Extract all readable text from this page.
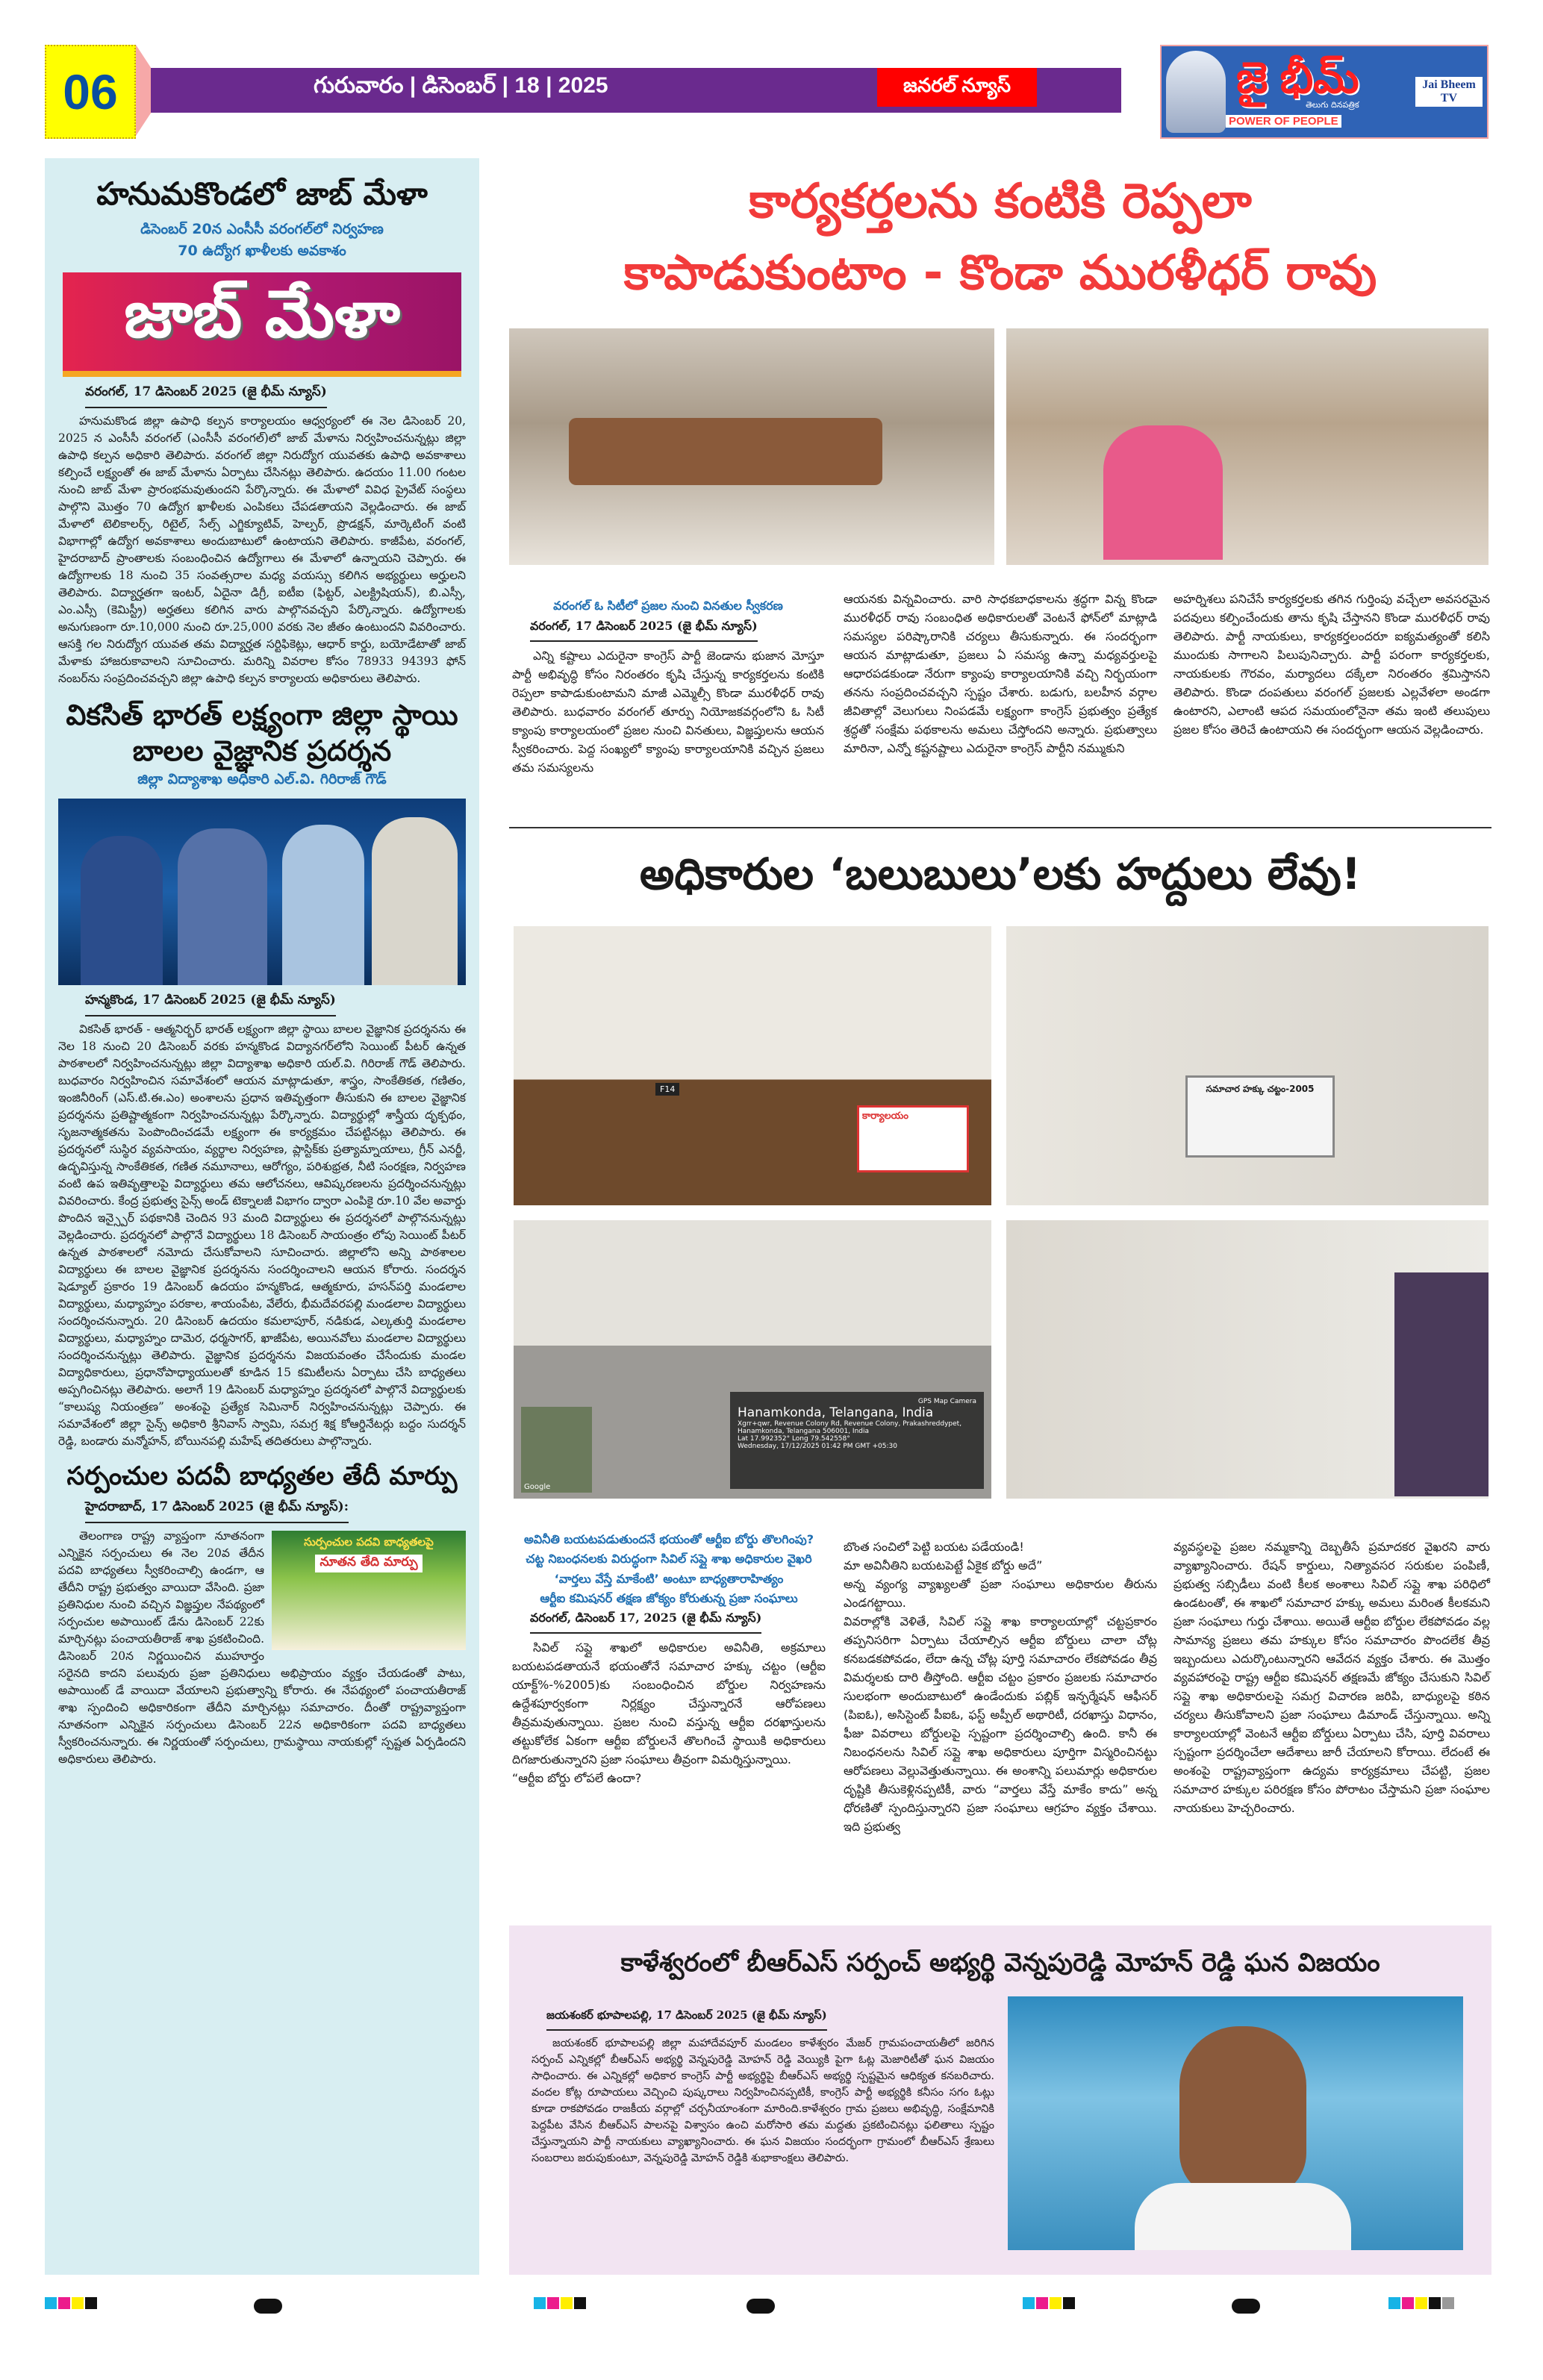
06	గురువారం | డిసెంబర్ | 18 | 2025	జనరల్ న్యూస్	జై భీమ్
తెలుగు దినపత్రిక
POWER OF PEOPLE
Jai Bheem TV
హనుమకొండలో జాబ్ మేళా
డిసెంబర్ 20న ఎంసీసీ వరంగల్‌లో నిర్వహణ
70 ఉద్యోగ ఖాళీలకు అవకాశం
జాబ్ మేళా
వరంగల్, 17 డిసెంబర్ 2025 (జై భీమ్ న్యూస్)

హనుమకొండ జిల్లా ఉపాధి కల్పన కార్యాలయం ఆధ్వర్యంలో ఈ నెల డిసెంబర్ 20, 2025 న ఎంసీసీ వరంగల్ (ఎంసీసీ వరంగల్)లో జాబ్ మేళాను నిర్వహించనున్నట్లు జిల్లా ఉపాధి కల్పన అధికారి తెలిపారు. వరంగల్ జిల్లా నిరుద్యోగ యువతకు ఉపాధి అవకాశాలు కల్పించే లక్ష్యంతో ఈ జాబ్ మేళాను ఏర్పాటు చేసినట్లు తెలిపారు. ఉదయం 11.00 గంటల నుంచి జాబ్ మేళా ప్రారంభమవుతుందని పేర్కొన్నారు. ఈ మేళాలో వివిధ ప్రైవేట్ సంస్థలు పాల్గొని మొత్తం 70 ఉద్యోగ ఖాళీలకు ఎంపికలు చేపడతాయని వెల్లడించారు. ఈ జాబ్ మేళాలో టెలికాలర్స్, రిటైల్, సేల్స్ ఎగ్జిక్యూటివ్, హెల్పర్, ప్రొడక్షన్, మార్కెటింగ్ వంటి విభాగాల్లో ఉద్యోగ అవకాశాలు అందుబాటులో ఉంటాయని తెలిపారు. కాజీపేట, వరంగల్, హైదరాబాద్ ప్రాంతాలకు సంబంధించిన ఉద్యోగాలు ఈ మేళాలో ఉన్నాయని చెప్పారు. ఈ ఉద్యోగాలకు 18 నుంచి 35 సంవత్సరాల మధ్య వయస్సు కలిగిన అభ్యర్థులు అర్హులని తెలిపారు. విద్యార్హతగా ఇంటర్, ఏదైనా డిగ్రీ, ఐటీఐ (ఫిట్టర్, ఎలక్ట్రిషియన్), బి.ఎస్సీ, ఎం.ఎస్సీ (కెమిస్ట్రీ) అర్హతలు కలిగిన వారు పాల్గొనవచ్చని పేర్కొన్నారు. ఉద్యోగాలకు అనుగుణంగా రూ.10,000 నుంచి రూ.25,000 వరకు నెల జీతం ఉంటుందని వివరించారు. ఆసక్తి గల నిరుద్యోగ యువత తమ విద్యార్హత సర్టిఫికెట్లు, ఆధార్ కార్డు, బయోడేటాతో జాబ్ మేళాకు హాజరుకావాలని సూచించారు. మరిన్ని వివరాల కోసం 78933 94393 ఫోన్ నంబర్‌ను సంప్రదించవచ్చని జిల్లా ఉపాధి కల్పన కార్యాలయ అధికారులు తెలిపారు.

వికసిత్ భారత్ లక్ష్యంగా జిల్లా స్థాయి బాలల వైజ్ఞానిక ప్రదర్శన
జిల్లా విద్యాశాఖ అధికారి ఎల్.వి. గిరిరాజ్ గౌడ్
హన్మకొండ, 17 డిసెంబర్ 2025 (జై భీమ్ న్యూస్)

వికసిత్ భారత్ - ఆత్మనిర్భర్ భారత్ లక్ష్యంగా జిల్లా స్థాయి బాలల వైజ్ఞానిక ప్రదర్శనను ఈ నెల 18 నుంచి 20 డిసెంబర్ వరకు హన్మకొండ విద్యానగర్‌లోని సెయింట్ పీటర్ ఉన్నత పాఠశాలలో నిర్వహించనున్నట్లు జిల్లా విద్యాశాఖ అధికారి యల్.వి. గిరిరాజ్ గౌడ్ తెలిపారు. బుధవారం నిర్వహించిన సమావేశంలో ఆయన మాట్లాడుతూ, శాస్త్రం, సాంకేతికత, గణితం, ఇంజినీరింగ్ (ఎస్.టి.ఈ.ఎం) అంశాలను ప్రధాన ఇతివృత్తంగా తీసుకుని ఈ బాలల వైజ్ఞానిక ప్రదర్శనను ప్రతిష్టాత్మకంగా నిర్వహించనున్నట్లు పేర్కొన్నారు. విద్యార్థుల్లో శాస్త్రీయ దృక్పథం, సృజనాత్మకతను పెంపొందించడమే లక్ష్యంగా ఈ కార్యక్రమం చేపట్టినట్లు తెలిపారు. ఈ ప్రదర్శనలో సుస్థిర వ్యవసాయం, వ్యర్థాల నిర్వహణ, ప్లాస్టిక్‌కు ప్రత్యామ్నాయాలు, గ్రీన్ ఎనర్జీ, ఉద్భవిస్తున్న సాంకేతికత, గణిత నమూనాలు, ఆరోగ్యం, పరిశుభ్రత, నీటి సంరక్షణ, నిర్వహణ వంటి ఉప ఇతివృత్తాలపై విద్యార్థులు తమ ఆలోచనలు, ఆవిష్కరణలను ప్రదర్శించనున్నట్లు వివరించారు. కేంద్ర ప్రభుత్వ సైన్స్ అండ్ టెక్నాలజీ విభాగం ద్వారా ఎంపికై రూ.10 వేల అవార్డు పొందిన ఇన్స్పైర్ పథకానికి చెందిన 93 మంది విద్యార్థులు ఈ ప్రదర్శనలో పాల్గొననున్నట్లు వెల్లడించారు. ప్రదర్శనలో పాల్గొనే విద్యార్థులు 18 డిసెంబర్ సాయంత్రం లోపు సెయింట్ పీటర్ ఉన్నత పాఠశాలలో నమోదు చేసుకోవాలని సూచించారు. జిల్లాలోని అన్ని పాఠశాలల విద్యార్థులు ఈ బాలల వైజ్ఞానిక ప్రదర్శనను సందర్శించాలని ఆయన కోరారు. సందర్శన షెడ్యూల్ ప్రకారం 19 డిసెంబర్ ఉదయం హన్మకొండ, ఆత్మకూరు, హసన్‌పర్తి మండలాల విద్యార్థులు, మధ్యాహ్నం పరకాల, శాయంపేట, వేలేరు, భీమదేవరపల్లి మండలాల విద్యార్థులు సందర్శించనున్నారు. 20 డిసెంబర్ ఉదయం కమలాపూర్, నడికుడ, ఎల్కతుర్తి మండలాల విద్యార్థులు, మధ్యాహ్నం దామెర, ధర్మసాగర్, ఖాజీపేట, అయినవోలు మండలాల విద్యార్థులు సందర్శించనున్నట్లు తెలిపారు. వైజ్ఞానిక ప్రదర్శనను విజయవంతం చేసేందుకు మండల విద్యాధికారులు, ప్రధానోపాధ్యాయులతో కూడిన 15 కమిటీలను ఏర్పాటు చేసి బాధ్యతలు అప్పగించినట్లు తెలిపారు. అలాగే 19 డిసెంబర్ మధ్యాహ్నం ప్రదర్శనలో పాల్గొనే విద్యార్థులకు “కాలుష్య నియంత్రణ” అంశంపై ప్రత్యేక సెమినార్ నిర్వహించనున్నట్లు చెప్పారు. ఈ సమావేశంలో జిల్లా సైన్స్ అధికారి శ్రీనివాస్ స్వామి, సమగ్ర శిక్ష కోఆర్డినేటర్లు బద్దం సుదర్శన్ రెడ్డి, బండారు మన్మోహన్, బోయినపల్లి మహేష్ తదితరులు పాల్గొన్నారు.

సర్పంచుల పదవీ బాధ్యతల తేదీ మార్పు
హైదరాబాద్, 17 డిసెంబర్ 2025 (జై భీమ్ న్యూస్):
సుర్పంచుల పదవి బాధ్యతలపై
నూతన తేది మార్పు

తెలంగాణ రాష్ట్ర వ్యాప్తంగా నూతనంగా ఎన్నికైన సర్పంచులు ఈ నెల 20వ తేదీన పదవి బాధ్యతలు స్వీకరించాల్సి ఉండగా, ఆ తేదీని రాష్ట్ర ప్రభుత్వం వాయిదా వేసింది. ప్రజా ప్రతినిధుల నుంచి వచ్చిన విజ్ఞప్తుల నేపథ్యంలో సర్పంచుల అపాయింట్ డేను డిసెంబర్ 22కు మార్చినట్లు పంచాయతీరాజ్ శాఖ ప్రకటించింది. డిసెంబర్ 20న నిర్ణయించిన ముహూర్తం సరైనది కాదని పలువురు ప్రజా ప్రతినిధులు అభిప్రాయం వ్యక్తం చేయడంతో పాటు, అపాయింట్ డే వాయిదా వేయాలని ప్రభుత్వాన్ని కోరారు. ఈ నేపథ్యంలో పంచాయతీరాజ్ శాఖ స్పందించి అధికారికంగా తేదీని మార్చినట్లు సమాచారం. దీంతో రాష్ట్రవ్యాప్తంగా నూతనంగా ఎన్నికైన సర్పంచులు డిసెంబర్ 22న అధికారికంగా పదవి బాధ్యతలు స్వీకరించనున్నారు. ఈ నిర్ణయంతో సర్పంచులు, గ్రామస్థాయి నాయకుల్లో స్పష్టత ఏర్పడిందని అధికారులు తెలిపారు.

కార్యకర్తలను కంటికి రెప్పలా
కాపాడుకుంటాం - కొండా మురళీధర్ రావు
వరంగల్ ఓ సిటీలో ప్రజల నుంచి వినతుల స్వీకరణ
వరంగల్, 17 డిసెంబర్ 2025 (జై భీమ్ న్యూస్)

ఎన్ని కష్టాలు ఎదురైనా కాంగ్రెస్ పార్టీ జెండాను భుజాన మోస్తూ పార్టీ అభివృద్ధి కోసం నిరంతరం కృషి చేస్తున్న కార్యకర్తలను కంటికి రెప్పలా కాపాడుకుంటామని మాజీ ఎమ్మెల్సీ కొండా మురళీధర్ రావు తెలిపారు. బుధవారం వరంగల్ తూర్పు నియోజకవర్గంలోని ఓ సిటీ క్యాంపు కార్యాలయంలో ప్రజల నుంచి వినతులు, విజ్ఞప్తులను ఆయన స్వీకరించారు. పెద్ద సంఖ్యలో క్యాంపు కార్యాలయానికి వచ్చిన ప్రజలు తమ సమస్యలను

ఆయనకు విన్నవించారు. వారి సాధకబాధకాలను శ్రద్ధగా విన్న కొండా మురళీధర్ రావు సంబంధిత అధికారులతో వెంటనే ఫోన్‌లో మాట్లాడి సమస్యల పరిష్కారానికి చర్యలు తీసుకున్నారు. ఈ సందర్భంగా ఆయన మాట్లాడుతూ, ప్రజలు ఏ సమస్య ఉన్నా మధ్యవర్తులపై ఆధారపడకుండా నేరుగా క్యాంపు కార్యాలయానికి వచ్చి నిర్భయంగా తనను సంప్రదించవచ్చని స్పష్టం చేశారు. బడుగు, బలహీన వర్గాల జీవితాల్లో వెలుగులు నింపడమే లక్ష్యంగా కాంగ్రెస్ ప్రభుత్వం ప్రత్యేక శ్రద్ధతో సంక్షేమ పథకాలను అమలు చేస్తోందని అన్నారు. ప్రభుత్వాలు మారినా, ఎన్నో కష్టనష్టాలు ఎదురైనా కాంగ్రెస్ పార్టీని నమ్ముకుని

అహర్నిశలు పనిచేసే కార్యకర్తలకు తగిన గుర్తింపు వచ్చేలా అవసరమైన పదవులు కల్పించేందుకు తాను కృషి చేస్తానని కొండా మురళీధర్ రావు తెలిపారు. పార్టీ నాయకులు, కార్యకర్తలందరూ ఐక్యమత్యంతో కలిసి ముందుకు సాగాలని పిలుపునిచ్చారు. పార్టీ పరంగా కార్యకర్తలకు, నాయకులకు గౌరవం, మర్యాదలు దక్కేలా నిరంతరం శ్రమిస్తానని తెలిపారు. కొండా దంపతులు వరంగల్ ప్రజలకు ఎల్లవేళలా అండగా ఉంటారని, ఎలాంటి ఆపద సమయంలోనైనా తమ ఇంటి తలుపులు ప్రజల కోసం తెరిచే ఉంటాయని ఈ సందర్భంగా ఆయన వెల్లడించారు.

అధికారుల ‘బలుబులు’లకు హద్దులు లేవు!
F14
కార్యాలయం
సమాచార హక్కు చట్టం-2005
GPS Map Camera
Hanamkonda, Telangana, India
Xgrr+qwr, Revenue Colony Rd, Revenue Colony, Prakashreddypet, Hanamkonda, Telangana 506001, India
Lat 17.992352° Long 79.542558°
Wednesday, 17/12/2025 01:42 PM GMT +05:30
Google
అవినీతి బయటపడుతుందనే భయంతో ఆర్టీఐ బోర్డు తొలగింపు?
చట్ట నిబంధనలకు విరుద్ధంగా సివిల్ సప్లై శాఖ అధికారుల వైఖరి
‘వార్తలు వేస్తే మాకేంటి’ అంటూ బాధ్యతారాహిత్యం
ఆర్టీఐ కమిషనర్ తక్షణ జోక్యం కోరుతున్న ప్రజా సంఘాలు
వరంగల్, డిసెంబర్ 17, 2025 (జై భీమ్ న్యూస్)

సివిల్ సప్లై శాఖలో అధికారుల అవినీతి, అక్రమాలు బయటపడతాయనే భయంతోనే సమాచార హక్కు చట్టం (ఆర్టీఐ యాక్ట్%-%2005)కు సంబంధించిన బోర్డుల నిర్వహణను ఉద్దేశపూర్వకంగా నిర్లక్ష్యం చేస్తున్నారనే ఆరోపణలు తీవ్రమవుతున్నాయి. ప్రజల నుంచి వస్తున్న ఆర్టీఐ దరఖాస్తులను తట్టుకోలేక ఏకంగా ఆర్టీఐ బోర్డులనే తొలగించే స్థాయికి అధికారులు దిగజారుతున్నారని ప్రజా సంఘాలు తీవ్రంగా విమర్శిస్తున్నాయి.
“ఆర్టీఐ బోర్డు లోపలే ఉందా?

బొంత సంచిలో పెట్టి బయట పడేయండి!
మా అవినీతిని బయటపెట్టే ఏకైక బోర్డు అదే”
అన్న వ్యంగ్య వ్యాఖ్యలతో ప్రజా సంఘాలు అధికారుల తీరును ఎండగట్టాయి.
వివరాల్లోకి వెళితే, సివిల్ సప్లై శాఖ కార్యాలయాల్లో చట్టప్రకారం తప్పనిసరిగా ఏర్పాటు చేయాల్సిన ఆర్టీఐ బోర్డులు చాలా చోట్ల కనబడకపోవడం, లేదా ఉన్న చోట్ల పూర్తి సమాచారం లేకపోవడం తీవ్ర విమర్శలకు దారి తీస్తోంది. ఆర్టీఐ చట్టం ప్రకారం ప్రజలకు సమాచారం సులభంగా అందుబాటులో ఉండేందుకు పబ్లిక్ ఇన్ఫర్మేషన్ ఆఫీసర్ (పిఐఓ), అసిస్టెంట్ పీఐఓ, ఫస్ట్ అప్పీల్ అథారిటీ, దరఖాస్తు విధానం, ఫీజు వివరాలు బోర్డులపై స్పష్టంగా ప్రదర్శించాల్సి ఉంది. కానీ ఈ నిబంధనలను సివిల్ సప్లై శాఖ అధికారులు పూర్తిగా విస్మరించినట్టు ఆరోపణలు వెల్లువెత్తుతున్నాయి. ఈ అంశాన్ని పలుమార్లు అధికారుల దృష్టికి తీసుకెళ్లినప్పటికీ, వారు “వార్తలు వేస్తే మాకేం కాదు” అన్న ధోరణితో స్పందిస్తున్నారని ప్రజా సంఘాలు ఆగ్రహం వ్యక్తం చేశాయి. ఇది ప్రభుత్వ

వ్యవస్థలపై ప్రజల నమ్మకాన్ని దెబ్బతీసే ప్రమాదకర వైఖరని వారు వ్యాఖ్యానించారు. రేషన్ కార్డులు, నిత్యావసర సరుకుల పంపిణీ, ప్రభుత్వ సబ్సిడీలు వంటి కీలక అంశాలు సివిల్ సప్లై శాఖ పరిధిలో ఉండటంతో, ఈ శాఖలో సమాచార హక్కు అమలు మరింత కీలకమని ప్రజా సంఘాలు గుర్తు చేశాయి. అయితే ఆర్టీఐ బోర్డుల లేకపోవడం వల్ల సామాన్య ప్రజలు తమ హక్కుల కోసం సమాచారం పొందలేక తీవ్ర ఇబ్బందులు ఎదుర్కొంటున్నారని ఆవేదన వ్యక్తం చేశారు. ఈ మొత్తం వ్యవహారంపై రాష్ట్ర ఆర్టీఐ కమిషనర్ తక్షణమే జోక్యం చేసుకుని సివిల్ సప్లై శాఖ అధికారులపై సమగ్ర విచారణ జరిపి, బాధ్యులపై కఠిన చర్యలు తీసుకోవాలని ప్రజా సంఘాలు డిమాండ్ చేస్తున్నాయి. అన్ని కార్యాలయాల్లో వెంటనే ఆర్టీఐ బోర్డులు ఏర్పాటు చేసి, పూర్తి వివరాలు స్పష్టంగా ప్రదర్శించేలా ఆదేశాలు జారీ చేయాలని కోరాయి. లేదంటే ఈ అంశంపై రాష్ట్రవ్యాప్తంగా ఉద్యమ కార్యక్రమాలు చేపట్టి, ప్రజల సమాచార హక్కుల పరిరక్షణ కోసం పోరాటం చేస్తామని ప్రజా సంఘాల నాయకులు హెచ్చరించారు.

కాళేశ్వరంలో బీఆర్ఎస్ సర్పంచ్ అభ్యర్థి వెన్నపురెడ్డి మోహన్ రెడ్డి ఘన విజయం
జయశంకర్ భూపాలపల్లి, 17 డిసెంబర్ 2025 (జై భీమ్ న్యూస్)

జయశంకర్ భూపాలపల్లి జిల్లా మహాదేవపూర్ మండలం కాళేశ్వరం మేజర్ గ్రామపంచాయతీలో జరిగిన సర్పంచ్ ఎన్నికల్లో బీఆర్ఎస్ అభ్యర్థి వెన్నపురెడ్డి మోహన్ రెడ్డి వెయ్యికి పైగా ఓట్ల మెజారిటీతో ఘన విజయం సాధించారు. ఈ ఎన్నికల్లో అధికార కాంగ్రెస్ పార్టీ అభ్యర్థిపై బీఆర్ఎస్ అభ్యర్థి స్పష్టమైన ఆధిక్యత కనబరిచారు. వందల కోట్ల రూపాయలు వెచ్చించి పుష్కరాలు నిర్వహించినప్పటికీ, కాంగ్రెస్ పార్టీ అభ్యర్థికి కనీసం సగం ఓట్లు కూడా రాకపోవడం రాజకీయ వర్గాల్లో చర్చనీయాంశంగా మారింది.కాళేశ్వరం గ్రామ ప్రజలు అభివృద్ధి, సంక్షేమానికి పెద్దపీట వేసిన బీఆర్ఎస్ పాలనపై విశ్వాసం ఉంచి మరోసారి తమ మద్దతు ప్రకటించినట్లు ఫలితాలు స్పష్టం చేస్తున్నాయని పార్టీ నాయకులు వ్యాఖ్యానించారు. ఈ ఘన విజయం సందర్భంగా గ్రామంలో బీఆర్ఎస్ శ్రేణులు సంబరాలు జరుపుకుంటూ, వెన్నపురెడ్డి మోహన్ రెడ్డికి శుభాకాంక్షలు తెలిపారు.
